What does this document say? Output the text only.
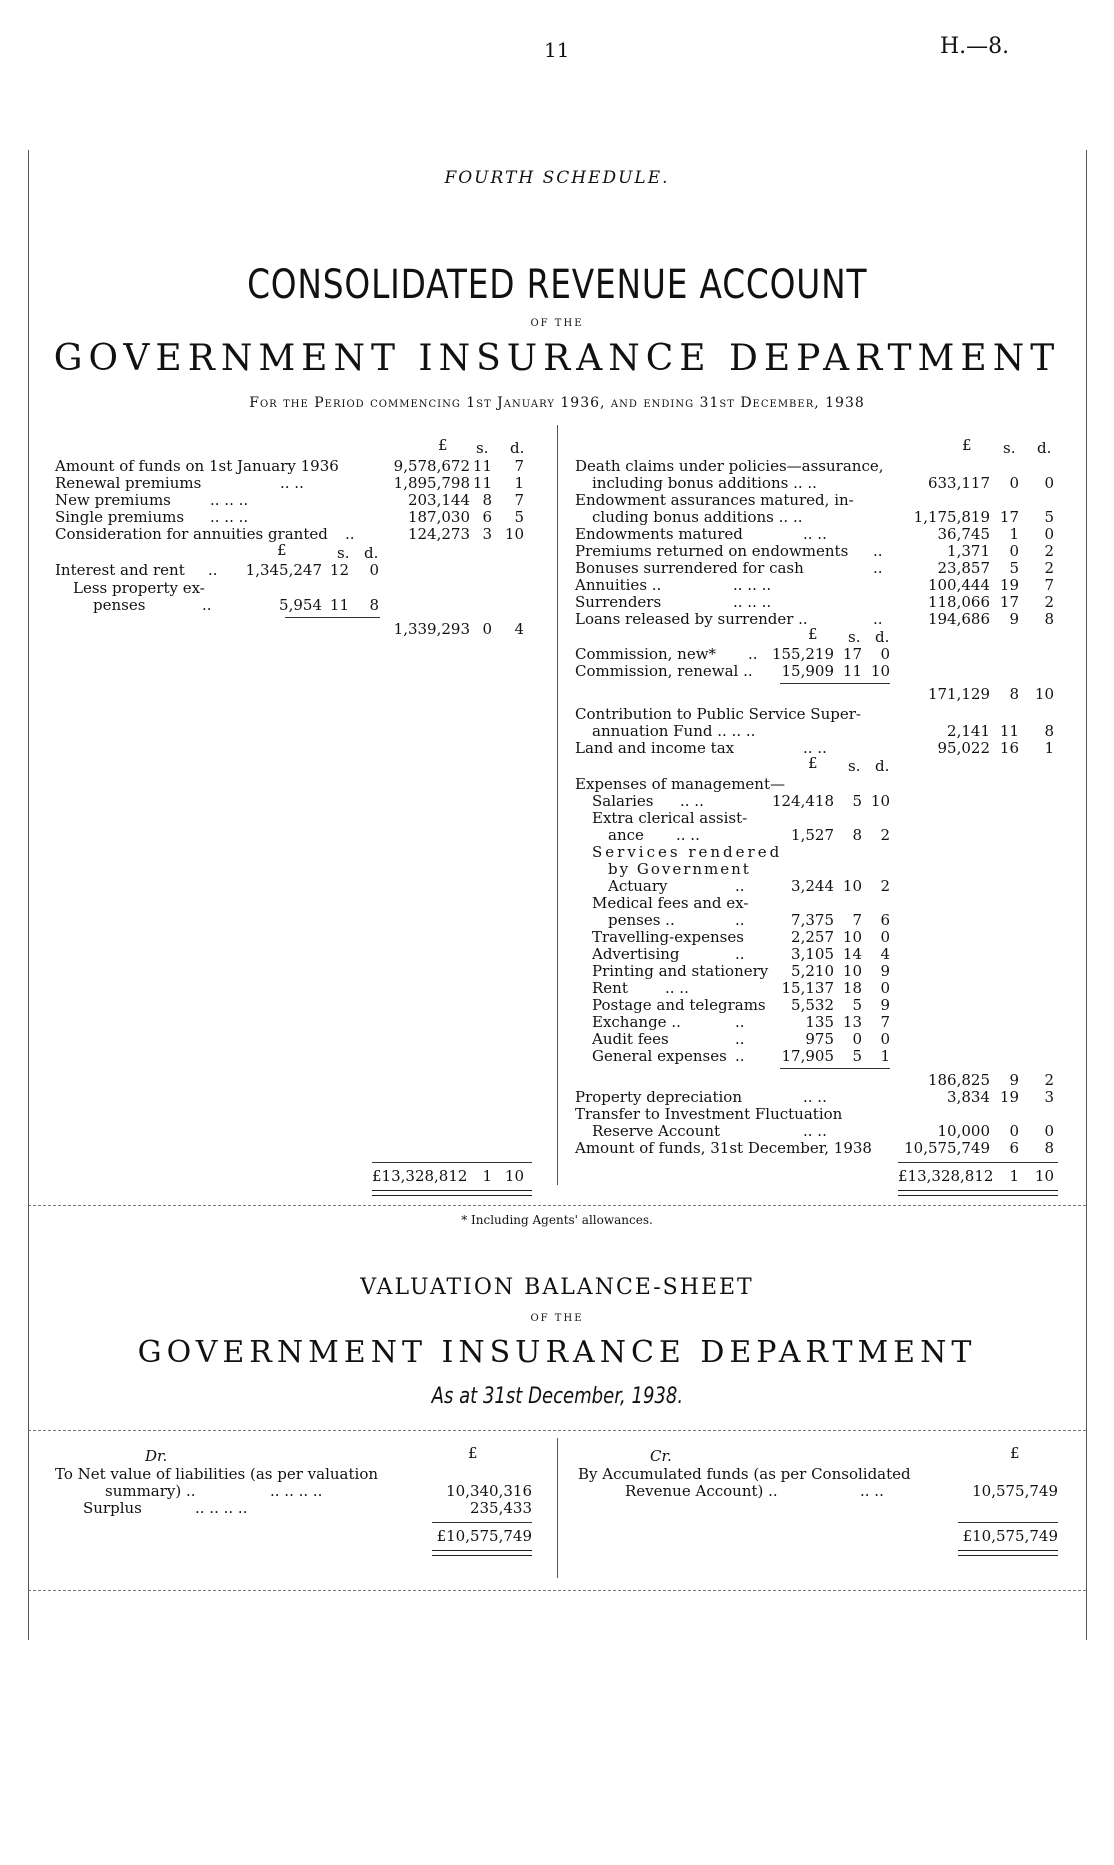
11	H.—8.
FOURTH SCHEDULE.
CONSOLIDATED REVENUE ACCOUNT
OF THE
GOVERNMENT INSURANCE DEPARTMENT
For the Period commencing 1st January 1936, and ending 31st December, 1938
£ s. d.
Amount of funds on 1st January 1936	9,578,672 11	7
Renewal premiums	.. ..	1,895,798 11	1
New premiums	.. .. ..	203,144 8	7
Single premiums .. .. ..	187,030 6	5
Consideration for annuities granted ..	124,273 3 10
£	s. d.
Interest and rent ..	1,345,247 12	0
Less property ex-
penses	..	5,954 11	8
1,339,293 0	4
£13,328,812	1 10
£ s. d.
Death claims under policies—assurance,
including bonus additions .. ..	633,117	0	0
Endowment assurances matured, in-
cluding bonus additions .. ..	1,175,819 17	5
Endowments matured	.. ..	36,745	1	0
Premiums returned on endowments ..	1,371	0	2
Bonuses surrendered for cash	..	23,857	5	2
Annuities ..	.. .. ..	100,444 19	7
Surrenders	.. .. ..	118,066 17	2
Loans released by surrender ..	..	194,686	9	8
£ s. d.
Commission, new* .. 155,219 17	0
Commission, renewal ..	15,909 11 10
171,129	8	10
Contribution to Public Service Super-
annuation Fund .. .. ..	2,141 11	8
Land and income tax	.. ..	95,022 16	1
£ s. d.
Expenses of management—
Salaries .. ..	124,418	5 10
Extra clerical assist-
ance .. ..	1,527	8	2
Services rendered
by Government
Actuary	..	3,244 10	2
Medical fees and ex-
penses ..	..	7,375	7	6
Travelling-expenses	2,257 10	0
Advertising	..	3,105 14	4
Printing and stationery	5,210 10	9
Rent .. ..	15,137 18	0
Postage and telegrams	5,532	5	9
Exchange ..	..	135 13	7
Audit fees	..	975	0	0
General expenses ..	17,905	5	1
186,825	9	2
Property depreciation	.. ..	3,834 19	3
Transfer to Investment Fluctuation
Reserve Account	.. ..	10,000	0	0
Amount of funds, 31st December, 1938	10,575,749	6	8
£13,328,812	1	10
* Including Agents' allowances.
VALUATION BALANCE-SHEET
OF THE
GOVERNMENT INSURANCE DEPARTMENT
As at 31st December, 1938.
Dr.	£
To Net value of liabilities (as per valuation
summary) ..	.. .. .. ..	10,340,316
Surplus	.. .. .. ..	235,433
£10,575,749
Cr.	£
By Accumulated funds (as per Consolidated
Revenue Account) ..	.. ..	10,575,749
£10,575,749
